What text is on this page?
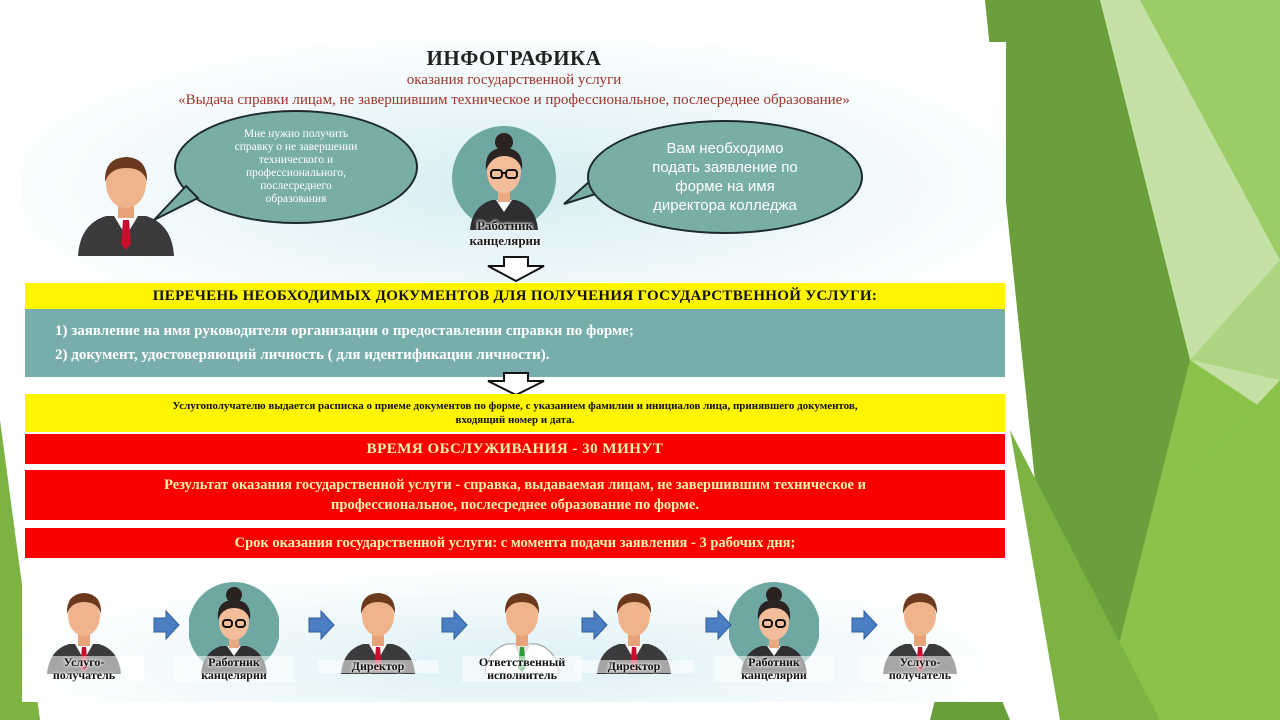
ИНФОГРАФИКА
оказания государственной услуги
«Выдача справки лицам, не завершившим техническое и профессиональное, послесреднее образование»
Мне нужно получить
справку о не завершении
технического и
профессионального,
послесреднего
образования
Работник
канцелярии
Вам необходимо
подать заявление по
форме на имя
директора колледжа
ПЕРЕЧЕНЬ НЕОБХОДИМЫХ ДОКУМЕНТОВ ДЛЯ ПОЛУЧЕНИЯ ГОСУДАРСТВЕННОЙ УСЛУГИ:
1) заявление на имя руководителя организации о предоставлении справки по форме;
2) документ, удостоверяющий личность ( для идентификации личности).
Услугополучателю выдается расписка о приеме документов по форме, с указанием фамилии и инициалов лица, принявшего документов,
входящий номер и дата.
ВРЕМЯ ОБСЛУЖИВАНИЯ - 30 МИНУТ
Результат оказания государственной услуги - справка, выдаваемая лицам, не завершившим техническое и
профессиональное, послесреднее образование по форме.
Срок оказания государственной услуги: с момента подачи заявления - 3 рабочих дня;
Услуго-
получатель
Работник
канцелярии
Директор	Ответственный
исполнитель
Директор	Работник
канцелярии
Услуго-
получатель
